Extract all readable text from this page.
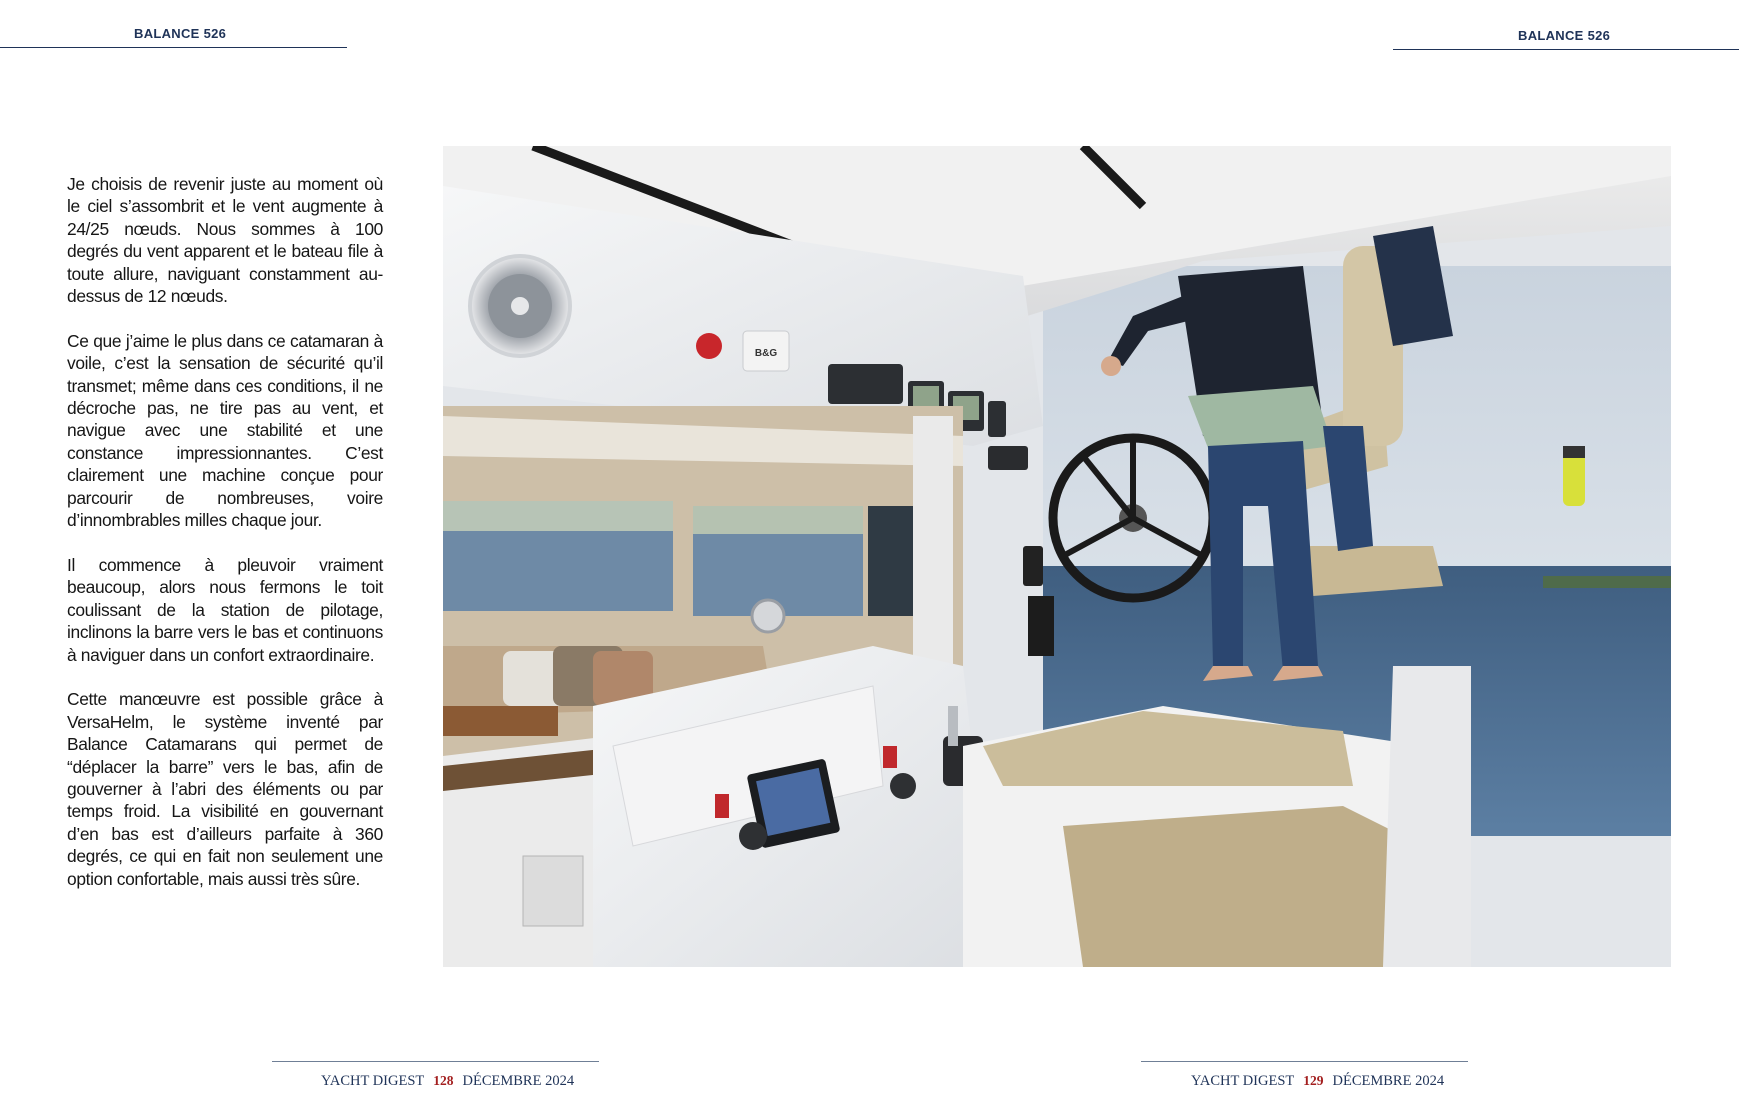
BALANCE 526	BALANCE 526

Je choisis de revenir juste au moment où le ciel s’assombrit et le vent augmente à 24/25 nœuds. Nous sommes à 100 degrés du vent apparent et le bateau file à toute allure, naviguant constamment au-dessus de 12 nœuds.

Ce que j’aime le plus dans ce catamaran à voile, c’est la sensation de sécurité qu’il transmet; même dans ces conditions, il ne décroche pas, ne tire pas au vent, et navigue avec une stabilité et une constance impressionnantes. C’est clairement une machine conçue pour parcourir de nombreuses, voire d’innombrables milles chaque jour.

Il commence à pleuvoir vraiment beaucoup, alors nous fermons le toit coulissant de la station de pilotage, inclinons la barre vers le bas et continuons à naviguer dans un confort extraordinaire.

Cette manœuvre est possible grâce à VersaHelm, le système inventé par Balance Catamarans qui permet de “déplacer la barre” vers le bas, afin de gouverner à l’abri des éléments ou par temps froid. La visibilité en gouvernant d’en bas est d’ailleurs parfaite à 360 degrés, ce qui en fait non seulement une option confortable, mais aussi très sûre.

B&G
YACHT DIGEST 128 DÉCEMBRE 2024	YACHT DIGEST 129 DÉCEMBRE 2024
